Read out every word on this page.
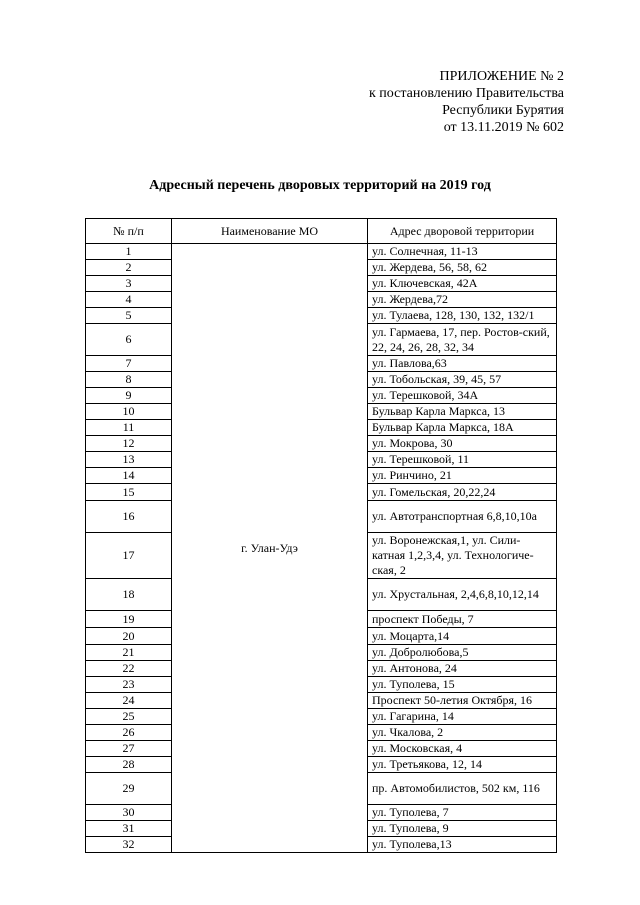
ПРИЛОЖЕНИЕ № 2
к постановлению Правительства
Республики Бурятия
от 13.11.2019 № 602
Адресный перечень дворовых территорий на 2019 год
№ п/п	Наименование МО	Адрес дворовой территории
1	г. Улан-Удэ	ул. Солнечная, 11-13
2		ул. Жердева, 56, 58, 62
3		ул. Ключевская, 42А
4		ул. Жердева,72
5		ул. Тулаева, 128, 130, 132, 132/1
6		ул. Гармаева, 17, пер. Ростов-ский, 22, 24, 26, 28, 32, 34
7		ул. Павлова,63
8		ул. Тобольская, 39, 45, 57
9		ул. Терешковой, 34А
10		Бульвар Карла Маркса, 13
11		Бульвар Карла Маркса, 18А
12		ул. Мокрова, 30
13		ул. Терешковой, 11
14		ул. Ринчино, 21
15		ул. Гомельская, 20,22,24
16		ул. Автотранспортная 6,8,10,10а
17		ул. Воронежская,1, ул. Сили-катная 1,2,3,4, ул. Технологиче-ская, 2
18		ул. Хрустальная, 2,4,6,8,10,12,14
19		проспект Победы, 7
20		ул. Моцарта,14
21		ул. Добролюбова,5
22		ул. Антонова, 24
23		ул. Туполева, 15
24		Проспект 50-летия Октября, 16
25		ул. Гагарина, 14
26		ул. Чкалова, 2
27		ул. Московская, 4
28		ул. Третьякова, 12, 14
29		пр. Автомобилистов, 502 км, 116
30		ул. Туполева, 7
31		ул. Туполева, 9
32		ул. Туполева,13
